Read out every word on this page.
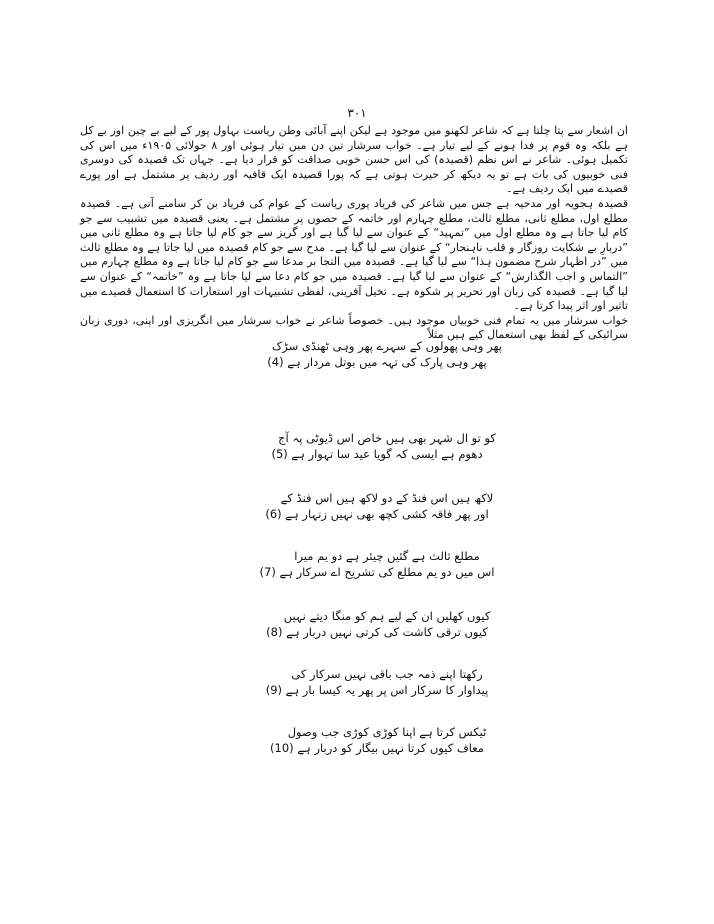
۳۰۱

ان اشعار سے پتا چلتا ہے کہ شاعر لکھنو میں موجود ہے لیکن اپنے آبائی وطن ریاست بہاول پور کے لیے بے چین اور بے کل ہے بلکہ وہ قوم پر فدا ہونے کے لیے تیار ہے۔ خواب سرشار تین دن میں تیار ہوئی اور ۸ جولائی ۱۹۰۵ء میں اس کی تکمیل ہوئی۔ شاعر نے اس نظم (قصیدہ) کی اس حسن خوبی صداقت کو قرار دیا ہے۔ جہاں تک قصیدہ کی دوسری فنی خوبیوں کی بات ہے تو یہ دیکھ کر حیرت ہوتی ہے کہ پورا قصیدہ ایک قافیہ اور ردیف پر مشتمل ہے اور پورے قصیدے میں ایک ردیف ہے۔

قصیدہ ہجویہ اور مدحیہ ہے جس میں شاعر کی فریاد پوری ریاست کے عوام کی فریاد بن کر سامنے آتی ہے۔ قصیدہ مطلع اول، مطلع ثانی، مطلع ثالث، مطلع چہارم اور خاتمہ کے حصوں پر مشتمل ہے۔ یعنی قصیدہ میں تشبیب سے جو کام لیا جاتا ہے وہ مطلع اول میں ”تمہید“ کے عنوان سے لیا گیا ہے اور گریز سے جو کام لیا جاتا ہے وہ مطلع ثانی میں ”دربارِ بے شکایت روزگار و قلب ناہنجار“ کے عنوان سے لیا گیا ہے۔ مدح سے جو کام قصیدہ میں لیا جاتا ہے وہ مطلع ثالث میں ”در اظہار شرح مضمون ہذا“ سے لیا گیا ہے۔ قصیدہ میں التجا بر مدعا سے جو کام لیا جاتا ہے وہ مطلع چہارم میں ”التماس و اجب الگذارش“ کے عنوان سے لیا گیا ہے۔ قصیدہ میں جو کام دعا سے لیا جاتا ہے وہ ”خاتمہ“ کے عنوان سے لیا گیا ہے۔ قصیدہ کی زبان اور تحریر پر شکوہ ہے۔ تخیل آفرینی، لفظی تشبیہات اور استعارات کا استعمال قصیدے میں تاثیر اور اثر پیدا کرتا ہے۔

خواب سرشار میں یہ تمام فنی خوبیاں موجود ہیں۔ خصوصاً شاعر نے خواب سرشار میں انگریزی اور اپنی، دوری زبان سرائیکی کے لفظ بھی استعمال کیے ہیں مثلاً

پھر وہی پھولوں کے سہرے پھر وہی ٹھنڈی سڑک
پھر وہی پارک کی تہہ میں بوتل مردار ہے (4)
کو تو ال شہر بھی ہیں خاص اس ڈیوٹی پہ آج
دھوم ہے ایسی کہ گویا عید سا تہوار ہے (5)
لاکھ ہیں اس فنڈ کے دو لاکھ ہیں اس فنڈ کے
اور پھر فاقہ کشی کچھ بھی نہیں زنہار ہے (6)
مطلع ثالث ہے گئیں چیئر ہے دو یم میرا
اس میں دو یم مطلع کی تشریح اے سرکار ہے (7)
کیوں کھلیں ان کے لیے ہم کو منگا دیتے نہیں
کیوں ترقی کاشت کی کرتی نہیں دربار ہے (8)
رکھتا اپنے ذمہ جب باقی نہیں سرکار کی
پیداوار کا سرکار اس پر پھر یہ کیسا بار ہے (9)
ٹیکس کرتا ہے اپنا کوڑی کوڑی جب وصول
معاف کیوں کرتا نہیں بیگار کو دربار ہے (10)
